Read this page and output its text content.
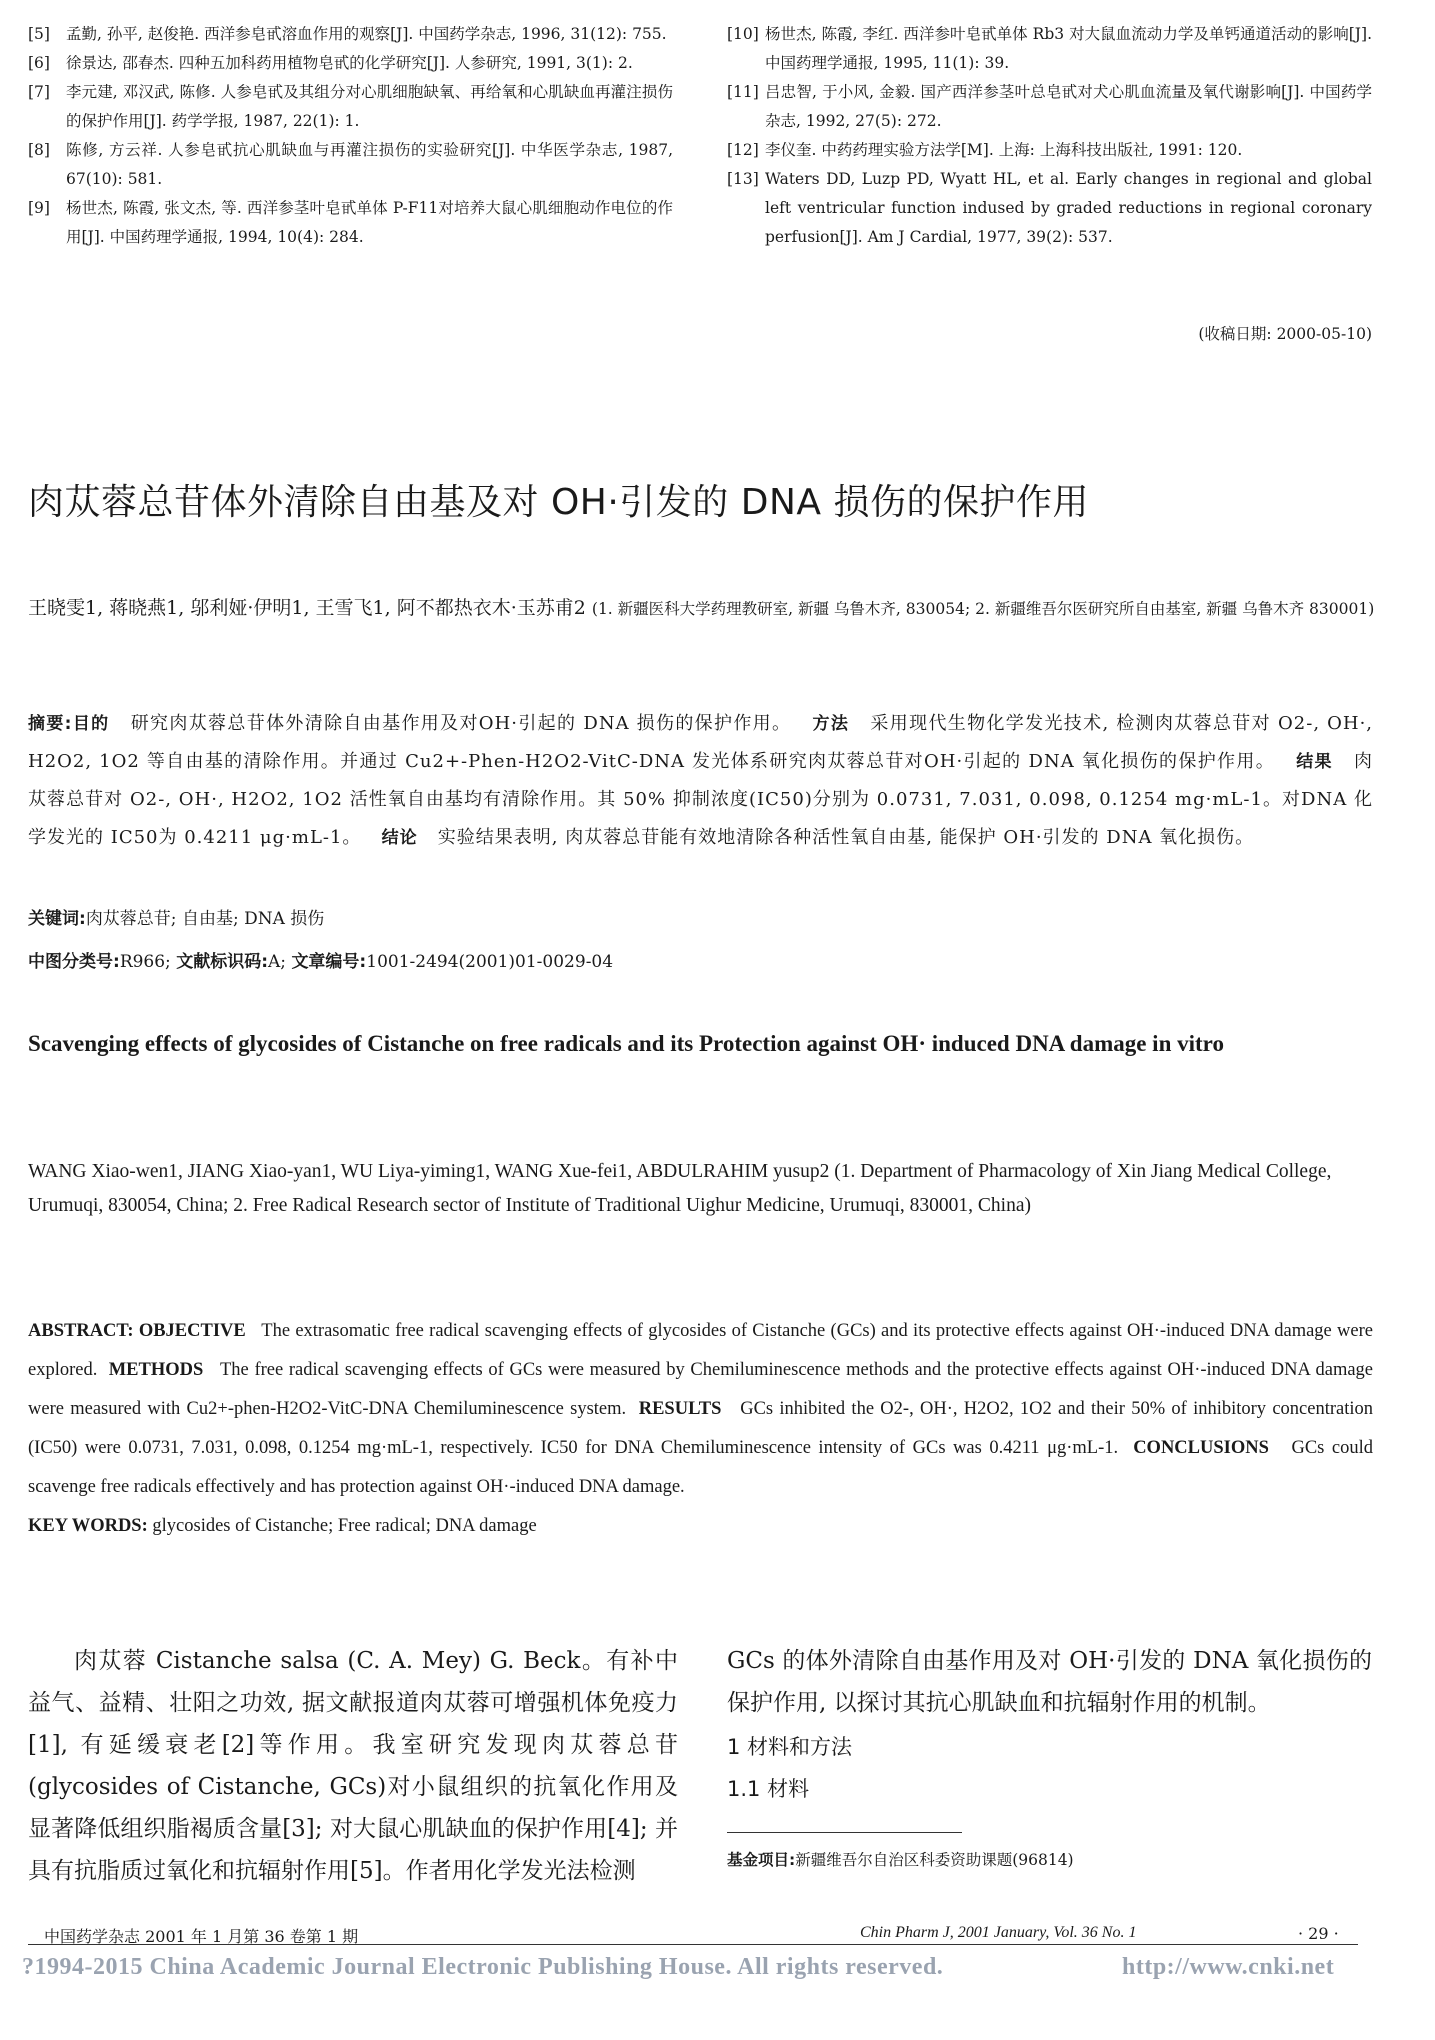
[5]	孟勤, 孙平, 赵俊艳. 西洋参皂甙溶血作用的观察[J]. 中国药学杂志, 1996, 31(12): 755.
[6]	徐景达, 邵春杰. 四种五加科药用植物皂甙的化学研究[J]. 人参研究, 1991, 3(1): 2.
[7]	李元建, 邓汉武, 陈修. 人参皂甙及其组分对心肌细胞缺氧、再给氧和心肌缺血再灌注损伤的保护作用[J]. 药学学报, 1987, 22(1): 1.
[8]	陈修, 方云祥. 人参皂甙抗心肌缺血与再灌注损伤的实验研究[J]. 中华医学杂志, 1987, 67(10): 581.
[9]	杨世杰, 陈霞, 张文杰, 等. 西洋参茎叶皂甙单体 P-F11对培养大鼠心肌细胞动作电位的作用[J]. 中国药理学通报, 1994, 10(4): 284.
[10] 杨世杰, 陈霞, 李红. 西洋参叶皂甙单体 Rb3 对大鼠血流动力学及单钙通道活动的影响[J]. 中国药理学通报, 1995, 11(1): 39.
[11] 吕忠智, 于小风, 金毅. 国产西洋参茎叶总皂甙对犬心肌血流量及氧代谢影响[J]. 中国药学杂志, 1992, 27(5): 272.
[12] 李仪奎. 中药药理实验方法学[M]. 上海: 上海科技出版社, 1991: 120.
[13] Waters DD, Luzp PD, Wyatt HL, et al. Early changes in regional and global left ventricular function indused by graded reductions in regional coronary perfusion[J]. Am J Cardial, 1977, 39(2): 537.
(收稿日期: 2000-05-10)
肉苁蓉总苷体外清除自由基及对 OH·引发的 DNA 损伤的保护作用
王晓雯1, 蒋晓燕1, 邬利娅·伊明1, 王雪飞1, 阿不都热衣木·玉苏甫2 (1. 新疆医科大学药理教研室, 新疆 乌鲁木齐, 830054; 2. 新疆维吾尔医研究所自由基室, 新疆 乌鲁木齐 830001)
摘要:目的 研究肉苁蓉总苷体外清除自由基作用及对OH·引起的 DNA 损伤的保护作用。 方法 采用现代生物化学发光技术, 检测肉苁蓉总苷对 O2-, OH·, H2O2, 1O2 等自由基的清除作用。并通过 Cu2+-Phen-H2O2-VitC-DNA 发光体系研究肉苁蓉总苷对OH·引起的 DNA 氧化损伤的保护作用。 结果 肉苁蓉总苷对 O2-, OH·, H2O2, 1O2 活性氧自由基均有清除作用。其 50% 抑制浓度(IC50)分别为 0.0731, 7.031, 0.098, 0.1254 mg·mL-1。对DNA 化学发光的 IC50为 0.4211 μg·mL-1。 结论 实验结果表明, 肉苁蓉总苷能有效地清除各种活性氧自由基, 能保护 OH·引发的 DNA 氧化损伤。
关键词:肉苁蓉总苷; 自由基; DNA 损伤
中图分类号:R966; 文献标识码:A; 文章编号:1001-2494(2001)01-0029-04
Scavenging effects of glycosides of Cistanche on free radicals and its Protection against OH· induced DNA damage in vitro
WANG Xiao-wen1, JIANG Xiao-yan1, WU Liya-yiming1, WANG Xue-fei1, ABDULRAHIM yusup2 (1. Department of Pharmacology of Xin Jiang Medical College, Urumuqi, 830054, China; 2. Free Radical Research sector of Institute of Traditional Uighur Medicine, Urumuqi, 830001, China)
ABSTRACT: OBJECTIVE The extrasomatic free radical scavenging effects of glycosides of Cistanche (GCs) and its protective effects against OH·-induced DNA damage were explored. METHODS The free radical scavenging effects of GCs were measured by Chemiluminescence methods and the protective effects against OH·-induced DNA damage were measured with Cu2+-phen-H2O2-VitC-DNA Chemiluminescence system. RESULTS GCs inhibited the O2-, OH·, H2O2, 1O2 and their 50% of inhibitory concentration (IC50) were 0.0731, 7.031, 0.098, 0.1254 mg·mL-1, respectively. IC50 for DNA Chemiluminescence intensity of GCs was 0.4211 μg·mL-1. CONCLUSIONS GCs could scavenge free radicals effectively and has protection against OH·-induced DNA damage.
KEY WORDS: glycosides of Cistanche; Free radical; DNA damage

肉苁蓉 Cistanche salsa (C. A. Mey) G. Beck。有补中益气、益精、壮阳之功效, 据文献报道肉苁蓉可增强机体免疫力[1], 有延缓衰老[2]等作用。我室研究发现肉苁蓉总苷(glycosides of Cistanche, GCs)对小鼠组织的抗氧化作用及显著降低组织脂褐质含量[3]; 对大鼠心肌缺血的保护作用[4]; 并具有抗脂质过氧化和抗辐射作用[5]。作者用化学发光法检测

GCs 的体外清除自由基作用及对 OH·引发的 DNA 氧化损伤的保护作用, 以探讨其抗心肌缺血和抗辐射作用的机制。
1 材料和方法
1.1 材料
基金项目:新疆维吾尔自治区科委资助课题(96814)
中国药学杂志 2001 年 1 月第 36 卷第 1 期	Chin Pharm J, 2001 January, Vol. 36 No. 1	· 29 ·
?1994-2015 China Academic Journal Electronic Publishing House. All rights reserved.	http://www.cnki.net
